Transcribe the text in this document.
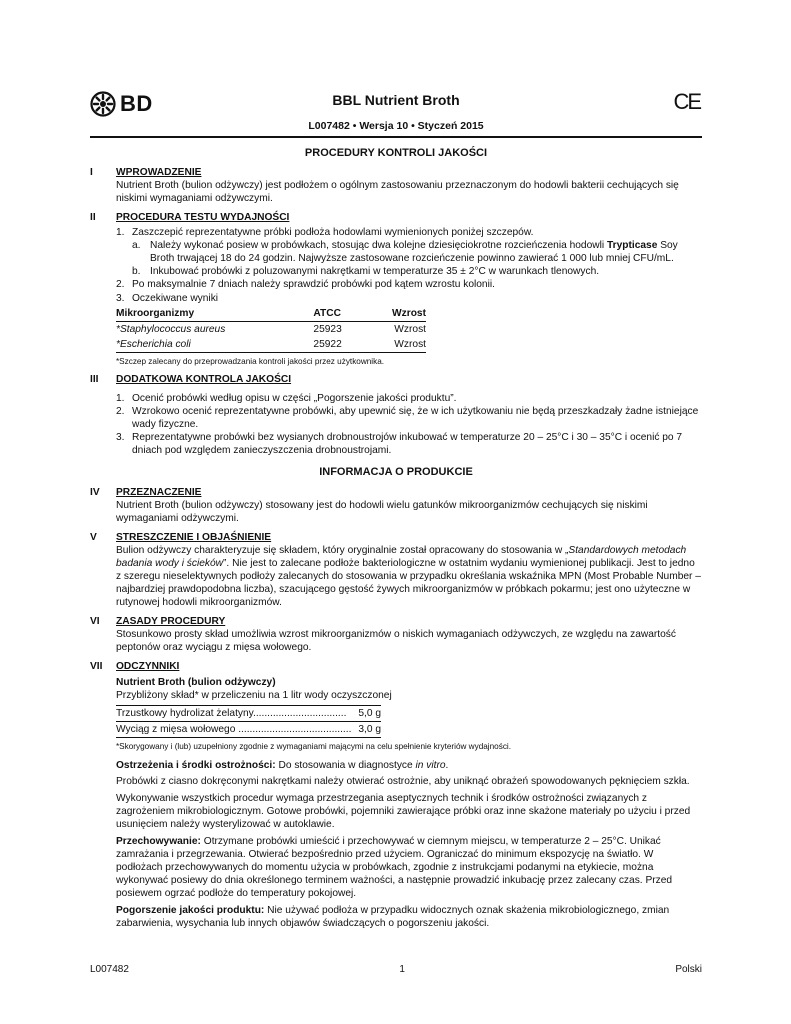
BD	BBL Nutrient Broth
L007482 • Wersja 10 • Styczeń 2015
CE
PROCEDURY KONTROLI JAKOŚCI
I WPROWADZENIE

Nutrient Broth (bulion odżywczy) jest podłożem o ogólnym zastosowaniu przeznaczonym do hodowli bakterii cechujących się niskimi wymaganiami odżywczymi.

II PROCEDURA TESTU WYDAJNOŚCI
1. Zaszczepić reprezentatywne próbki podłoża hodowlami wymienionych poniżej szczepów.
a. Należy wykonać posiew w probówkach, stosując dwa kolejne dziesięciokrotne rozcieńczenia hodowli Trypticase Soy Broth trwającej 18 do 24 godzin. Najwyższe zastosowane rozcieńczenie powinno zawierać 1 000 lub mniej CFU/mL.
b. Inkubować probówki z poluzowanymi nakrętkami w temperaturze 35 ± 2°C w warunkach tlenowych.
2. Po maksymalnie 7 dniach należy sprawdzić probówki pod kątem wzrostu kolonii.
3. Oczekiwane wyniki
Mikroorganizmy	ATCC	Wzrost
*Staphylococcus aureus	25923	Wzrost
*Escherichia coli	25922	Wzrost
*Szczep zalecany do przeprowadzania kontroli jakości przez użytkownika.
III DODATKOWA KONTROLA JAKOŚCI
1. Ocenić probówki według opisu w części „Pogorszenie jakości produktu”.
2. Wzrokowo ocenić reprezentatywne probówki, aby upewnić się, że w ich użytkowaniu nie będą przeszkadzały żadne istniejące wady fizyczne.
3. Reprezentatywne probówki bez wysianych drobnoustrojów inkubować w temperaturze 20 – 25°C i 30 – 35°C i ocenić po 7 dniach pod względem zanieczyszczenia drobnoustrojami.
INFORMACJA O PRODUKCIE
IV PRZEZNACZENIE

Nutrient Broth (bulion odżywczy) stosowany jest do hodowli wielu gatunków mikroorganizmów cechujących się niskimi wymaganiami odżywczymi.

V STRESZCZENIE I OBJAŚNIENIE

Bulion odżywczy charakteryzuje się składem, który oryginalnie został opracowany do stosowania w „Standardowych metodach badania wody i ścieków”. Nie jest to zalecane podłoże bakteriologiczne w ostatnim wydaniu wymienionej publikacji. Jest to jedno z szeregu nieselektywnych podłoży zalecanych do stosowania w przypadku określania wskaźnika MPN (Most Probable Number – najbardziej prawdopodobna liczba), szacującego gęstość żywych mikroorganizmów w próbkach pokarmu; jest ono użyteczne w rutynowej hodowli mikroorganizmów.

VI ZASADY PROCEDURY

Stosunkowo prosty skład umożliwia wzrost mikroorganizmów o niskich wymaganiach odżywczych, ze względu na zawartość peptonów oraz wyciągu z mięsa wołowego.

VII ODCZYNNIKI
Nutrient Broth (bulion odżywczy)
Przybliżony skład* w przeliczeniu na 1 litr wody oczyszczonej
Trzustkowy hydrolizat żelatyny................................. 5,0 g
Wyciąg z mięsa wołowego ........................................ 3,0 g
*Skorygowany i (lub) uzupełniony zgodnie z wymaganiami mającymi na celu spełnienie kryteriów wydajności.

Ostrzeżenia i środki ostrożności: Do stosowania w diagnostyce in vitro.

Probówki z ciasno dokręconymi nakrętkami należy otwierać ostrożnie, aby uniknąć obrażeń spowodowanych pęknięciem szkła.

Wykonywanie wszystkich procedur wymaga przestrzegania aseptycznych technik i środków ostrożności związanych z zagrożeniem mikrobiologicznym. Gotowe probówki, pojemniki zawierające próbki oraz inne skażone materiały po użyciu i przed usunięciem należy wysterylizować w autoklawie.

Przechowywanie: Otrzymane probówki umieścić i przechowywać w ciemnym miejscu, w temperaturze 2 – 25°C. Unikać zamrażania i przegrzewania. Otwierać bezpośrednio przed użyciem. Ograniczać do minimum ekspozycję na światło. W podłożach przechowywanych do momentu użycia w probówkach, zgodnie z instrukcjami podanymi na etykiecie, można wykonywać posiewy do dnia określonego terminem ważności, a następnie prowadzić inkubację przez zalecany czas. Przed posiewem ogrzać podłoże do temperatury pokojowej.

Pogorszenie jakości produktu: Nie używać podłoża w przypadku widocznych oznak skażenia mikrobiologicznego, zmian zabarwienia, wysychania lub innych objawów świadczących o pogorszeniu jakości.

L007482	1	Polski
